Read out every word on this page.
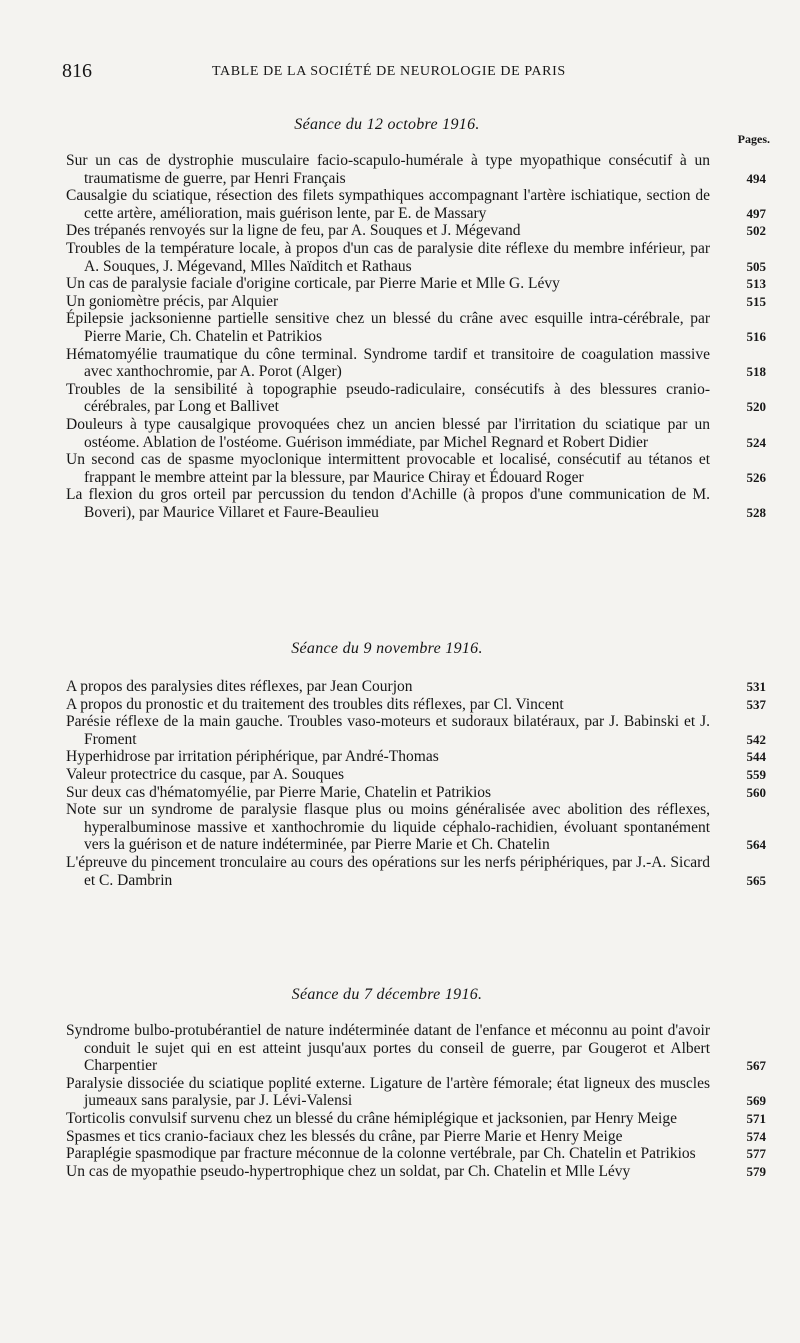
816	TABLE DE LA SOCIÉTÉ DE NEUROLOGIE DE PARIS
Séance du 12 octobre 1916.
Pages.
Sur un cas de dystrophie musculaire facio-scapulo-humérale à type myopathique consécutif à un traumatisme de guerre, par Henri Français	494
Causalgie du sciatique, résection des filets sympathiques accompagnant l'artère ischiatique, section de cette artère, amélioration, mais guérison lente, par E. de Massary	497
Des trépanés renvoyés sur la ligne de feu, par A. Souques et J. Mégevand	502
Troubles de la température locale, à propos d'un cas de paralysie dite réflexe du membre inférieur, par A. Souques, J. Mégevand, Mlles Naïditch et Rathaus	505
Un cas de paralysie faciale d'origine corticale, par Pierre Marie et Mlle G. Lévy	513
Un goniomètre précis, par Alquier	515
Épilepsie jacksonienne partielle sensitive chez un blessé du crâne avec esquille intra-cérébrale, par Pierre Marie, Ch. Chatelin et Patrikios	516
Hématomyélie traumatique du cône terminal. Syndrome tardif et transitoire de coagulation massive avec xanthochromie, par A. Porot (Alger)	518
Troubles de la sensibilité à topographie pseudo-radiculaire, consécutifs à des blessures cranio-cérébrales, par Long et Ballivet	520
Douleurs à type causalgique provoquées chez un ancien blessé par l'irritation du sciatique par un ostéome. Ablation de l'ostéome. Guérison immédiate, par Michel Regnard et Robert Didier	524
Un second cas de spasme myoclonique intermittent provocable et localisé, consécutif au tétanos et frappant le membre atteint par la blessure, par Maurice Chiray et Édouard Roger	526
La flexion du gros orteil par percussion du tendon d'Achille (à propos d'une communication de M. Boveri), par Maurice Villaret et Faure-Beaulieu	528
Séance du 9 novembre 1916.
A propos des paralysies dites réflexes, par Jean Courjon	531
A propos du pronostic et du traitement des troubles dits réflexes, par Cl. Vincent	537
Parésie réflexe de la main gauche. Troubles vaso-moteurs et sudoraux bilatéraux, par J. Babinski et J. Froment	542
Hyperhidrose par irritation périphérique, par André-Thomas	544
Valeur protectrice du casque, par A. Souques	559
Sur deux cas d'hématomyélie, par Pierre Marie, Chatelin et Patrikios	560
Note sur un syndrome de paralysie flasque plus ou moins généralisée avec abolition des réflexes, hyperalbuminose massive et xanthochromie du liquide céphalo-rachidien, évoluant spontanément vers la guérison et de nature indéterminée, par Pierre Marie et Ch. Chatelin	564
L'épreuve du pincement tronculaire au cours des opérations sur les nerfs périphériques, par J.-A. Sicard et C. Dambrin	565
Séance du 7 décembre 1916.
Syndrome bulbo-protubérantiel de nature indéterminée datant de l'enfance et méconnu au point d'avoir conduit le sujet qui en est atteint jusqu'aux portes du conseil de guerre, par Gougerot et Albert Charpentier	567
Paralysie dissociée du sciatique poplité externe. Ligature de l'artère fémorale; état ligneux des muscles jumeaux sans paralysie, par J. Lévi-Valensi	569
Torticolis convulsif survenu chez un blessé du crâne hémiplégique et jacksonien, par Henry Meige	571
Spasmes et tics cranio-faciaux chez les blessés du crâne, par Pierre Marie et Henry Meige	574
Paraplégie spasmodique par fracture méconnue de la colonne vertébrale, par Ch. Chatelin et Patrikios	577
Un cas de myopathie pseudo-hypertrophique chez un soldat, par Ch. Chatelin et Mlle Lévy	579
